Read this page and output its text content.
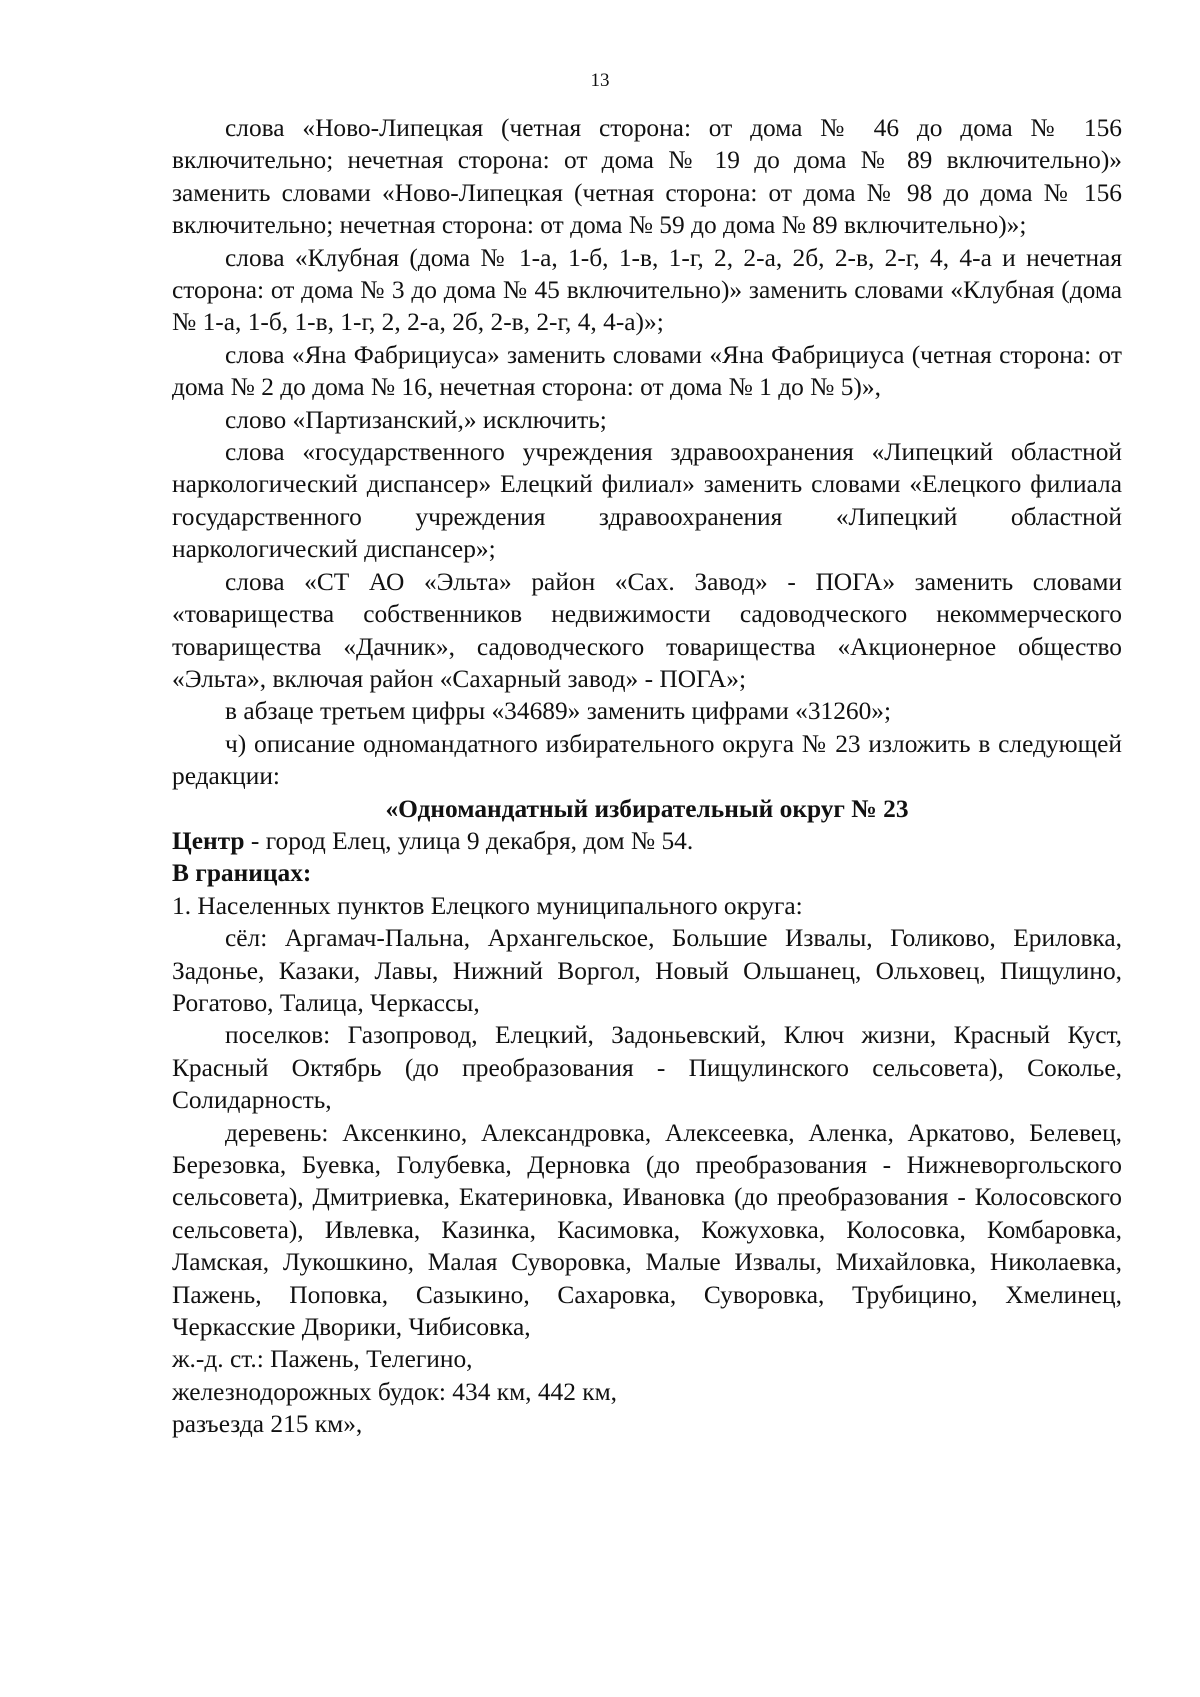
13

слова «Ново-Липецкая (четная сторона: от дома № 46 до дома № 156 включительно; нечетная сторона: от дома № 19 до дома № 89 включительно)» заменить словами «Ново-Липецкая (четная сторона: от дома № 98 до дома № 156 включительно; нечетная сторона: от дома № 59 до дома № 89 включительно)»;

слова «Клубная (дома № 1-а, 1-б, 1-в, 1-г, 2, 2-а, 2б, 2-в, 2-г, 4, 4-а и нечетная сторона: от дома № 3 до дома № 45 включительно)» заменить словами «Клубная (дома № 1-а, 1-б, 1-в, 1-г, 2, 2-а, 2б, 2-в, 2-г, 4, 4-а)»;

слова «Яна Фабрициуса» заменить словами «Яна Фабрициуса (четная сторона: от дома № 2 до дома № 16, нечетная сторона: от дома № 1 до № 5)»,

слово «Партизанский,» исключить;

слова «государственного учреждения здравоохранения «Липецкий областной наркологический диспансер» Елецкий филиал» заменить словами «Елецкого филиала государственного учреждения здравоохранения «Липецкий областной наркологический диспансер»;

слова «СТ АО «Эльта» район «Сах. Завод» - ПОГА» заменить словами «товарищества собственников недвижимости садоводческого некоммерческого товарищества «Дачник», садоводческого товарищества «Акционерное общество «Эльта», включая район «Сахарный завод» - ПОГА»;

в абзаце третьем цифры «34689» заменить цифрами «31260»;

ч) описание одномандатного избирательного округа № 23 изложить в следующей редакции:

«Одномандатный избирательный округ № 23

Центр - город Елец, улица 9 декабря, дом № 54.

В границах:

1. Населенных пунктов Елецкого муниципального округа:

сёл: Аргамач-Пальна, Архангельское, Большие Извалы, Голиково, Ериловка, Задонье, Казаки, Лавы, Нижний Воргол, Новый Ольшанец, Ольховец, Пищулино, Рогатово, Талица, Черкассы,

поселков: Газопровод, Елецкий, Задоньевский, Ключ жизни, Красный Куст, Красный Октябрь (до преобразования - Пищулинского сельсовета), Соколье, Солидарность,

деревень: Аксенкино, Александровка, Алексеевка, Аленка, Аркатово, Белевец, Березовка, Буевка, Голубевка, Дерновка (до преобразования - Нижневоргольского сельсовета), Дмитриевка, Екатериновка, Ивановка (до преобразования - Колосовского сельсовета), Ивлевка, Казинка, Касимовка, Кожуховка, Колосовка, Комбаровка, Ламская, Лукошкино, Малая Суворовка, Малые Извалы, Михайловка, Николаевка, Пажень, Поповка, Сазыкино, Сахаровка, Суворовка, Трубицино, Хмелинец, Черкасские Дворики, Чибисовка,

ж.-д. ст.: Пажень, Телегино,

железнодорожных будок: 434 км, 442 км,

разъезда 215 км»,
